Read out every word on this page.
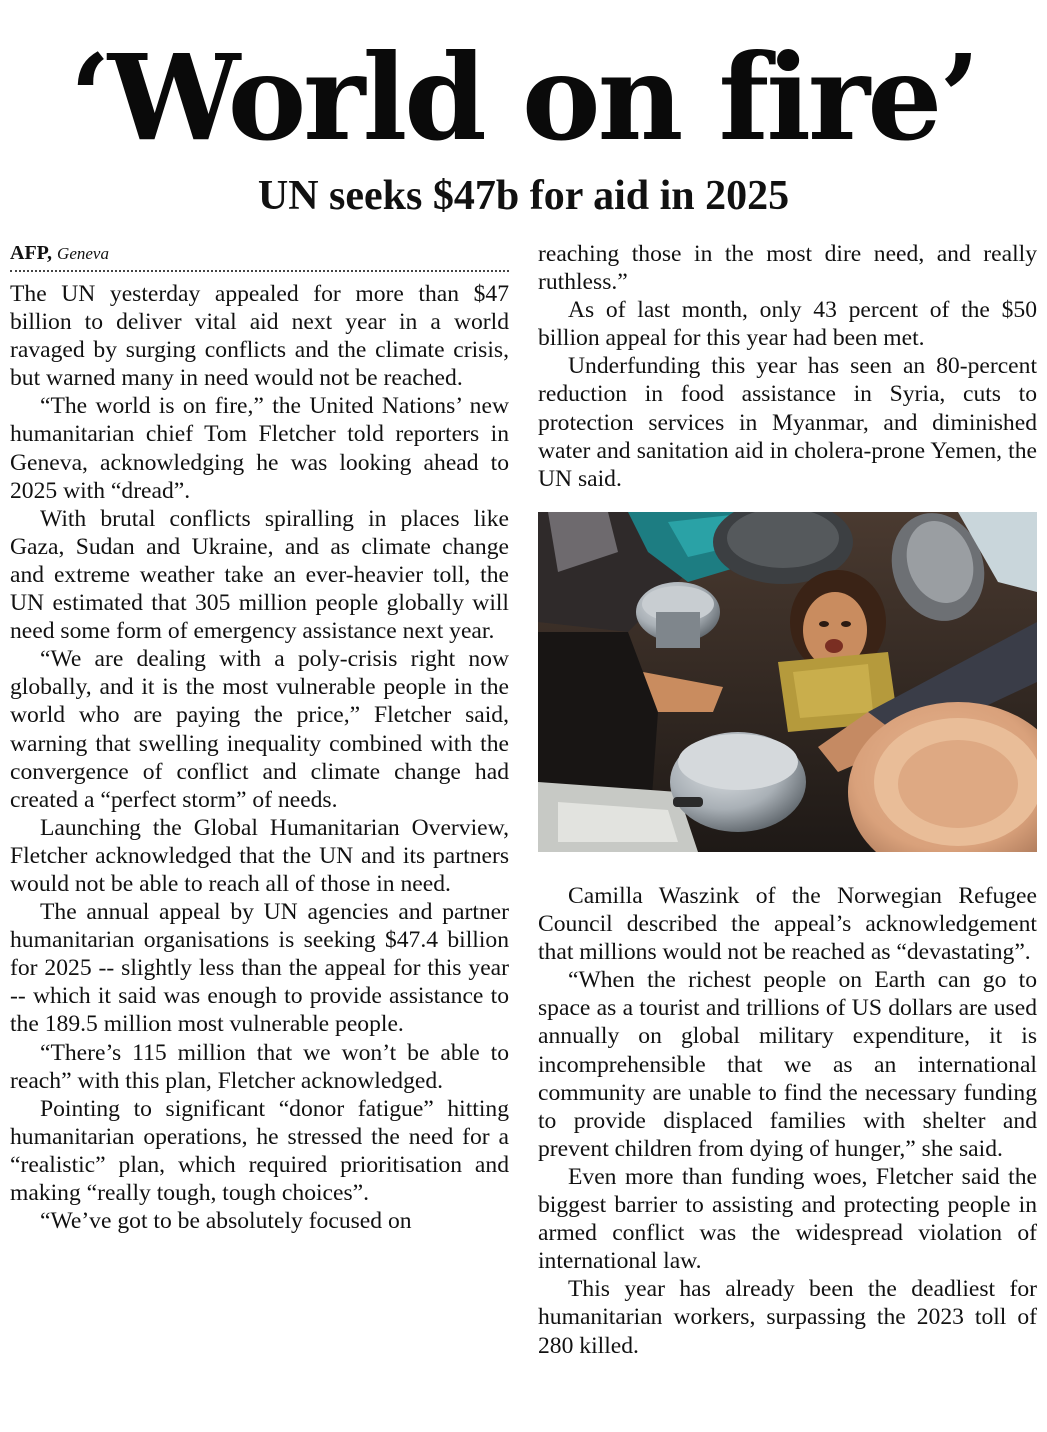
‘World on fire’
UN seeks $47b for aid in 2025
AFP, Geneva

The UN yesterday appealed for more than $47 billion to deliver vital aid next year in a world ravaged by surging conflicts and the climate crisis, but warned many in need would not be reached.

“The world is on fire,” the United Nations’ new humanitarian chief Tom Fletcher told reporters in Geneva, acknowledging he was looking ahead to 2025 with “dread”.

With brutal conflicts spiralling in places like Gaza, Sudan and Ukraine, and as climate change and extreme weather take an ever-heavier toll, the UN estimated that 305 million people globally will need some form of emergency assistance next year.

“We are dealing with a poly-crisis right now globally, and it is the most vulnerable people in the world who are paying the price,” Fletcher said, warning that swelling inequality combined with the convergence of conflict and climate change had created a “perfect storm” of needs.

Launching the Global Humanitarian Overview, Fletcher acknowledged that the UN and its partners would not be able to reach all of those in need.

The annual appeal by UN agencies and partner humanitarian organisations is seeking $47.4 billion for 2025 -- slightly less than the appeal for this year -- which it said was enough to provide assistance to the 189.5 million most vulnerable people.

“There’s 115 million that we won’t be able to reach” with this plan, Fletcher acknowledged.

Pointing to significant “donor fatigue” hitting humanitarian operations, he stressed the need for a “realistic” plan, which required prioritisation and making “really tough, tough choices”.

“We’ve got to be absolutely focused on

reaching those in the most dire need, and really ruthless.”

As of last month, only 43 percent of the $50 billion appeal for this year had been met.

Underfunding this year has seen an 80-percent reduction in food assistance in Syria, cuts to protection services in Myanmar, and diminished water and sanitation aid in cholera-prone Yemen, the UN said.

Camilla Waszink of the Norwegian Refugee Council described the appeal’s acknowledgement that millions would not be reached as “devastating”.

“When the richest people on Earth can go to space as a tourist and trillions of US dollars are used annually on global military expenditure, it is incomprehensible that we as an international community are unable to find the necessary funding to provide displaced families with shelter and prevent children from dying of hunger,” she said.

Even more than funding woes, Fletcher said the biggest barrier to assisting and protecting people in armed conflict was the widespread violation of international law.

This year has already been the deadliest for humanitarian workers, surpassing the 2023 toll of 280 killed.
